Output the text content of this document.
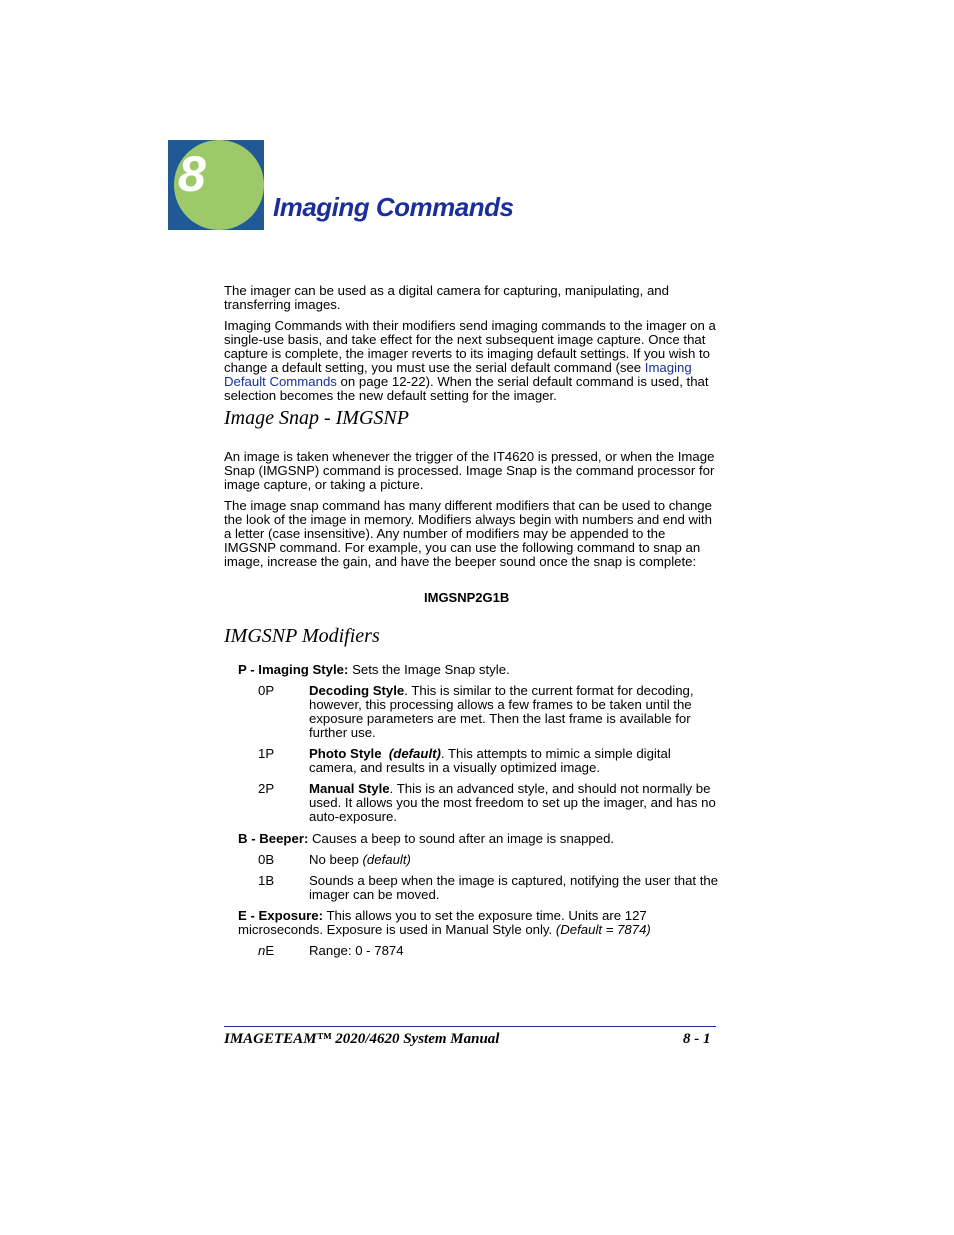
8
Imaging Commands

The imager can be used as a digital camera for capturing, manipulating, and transferring images.

Imaging Commands with their modifiers send imaging commands to the imager on a single-use basis, and take effect for the next subsequent image capture. Once that capture is complete, the imager reverts to its imaging default settings. If you wish to change a default setting, you must use the serial default command (see Imaging Default Commands on page 12-22). When the serial default command is used, that selection becomes the new default setting for the imager.

Image Snap - IMGSNP

An image is taken whenever the trigger of the IT4620 is pressed, or when the Image Snap (IMGSNP) command is processed. Image Snap is the command processor for image capture, or taking a picture.

The image snap command has many different modifiers that can be used to change the look of the image in memory. Modifiers always begin with numbers and end with a letter (case insensitive). Any number of modifiers may be appended to the IMGSNP command. For example, you can use the following command to snap an image, increase the gain, and have the beeper sound once the snap is complete:

IMGSNP2G1B
IMGSNP Modifiers
P - Imaging Style: Sets the Image Snap style.
0P	Decoding Style. This is similar to the current format for decoding, however, this processing allows a few frames to be taken until the exposure parameters are met. Then the last frame is available for further use.
1P	Photo Style (default). This attempts to mimic a simple digital camera, and results in a visually optimized image.
2P	Manual Style. This is an advanced style, and should not normally be used. It allows you the most freedom to set up the imager, and has no auto-exposure.
B - Beeper: Causes a beep to sound after an image is snapped.
0B	No beep (default)
1B	Sounds a beep when the image is captured, notifying the user that the imager can be moved.
E - Exposure: This allows you to set the exposure time. Units are 127 microseconds. Exposure is used in Manual Style only. (Default = 7874)
nE	Range: 0 - 7874
IMAGETEAM™ 2020/4620 System Manual	8 - 1
